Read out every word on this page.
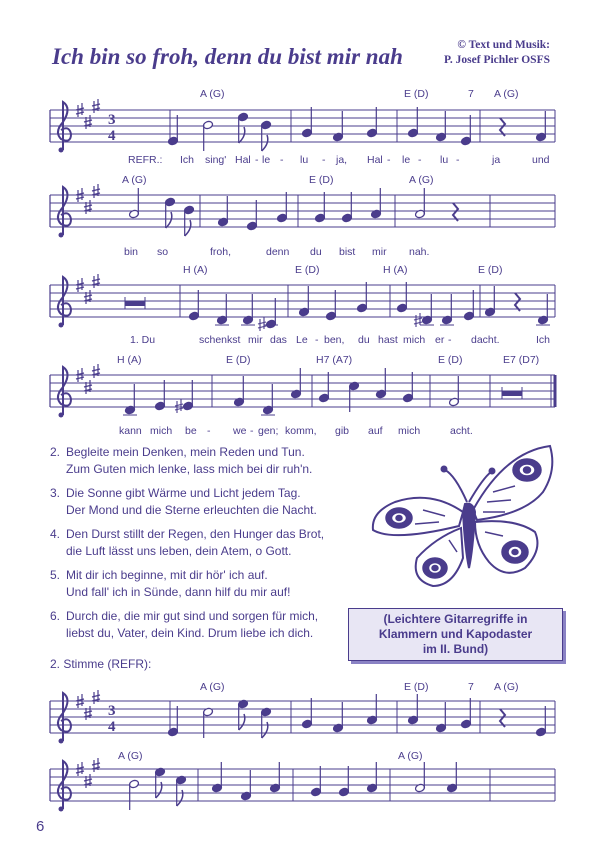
Ich bin so froh, denn du bist mir nah	© Text und Musik:
P. Josef Pichler OSFS
A (G)	E (D)	7 A (G)
3
4
REFR.: Ich sing' Hal - le - lu - ja, Hal - le - lu -	ja	und
A (G)	E (D)	A (G)
bin so	froh,	denn du bist mir nah.
H (A)	E (D)	H (A)	E (D)
1. Du	schenkst mir das Le - ben, du hast mich er - dacht.	Ich
H (A)	E (D)	H7 (A7)	E (D)	E7 (D7)
kann mich be - we - gen; komm, gib auf mich	acht.
2. Begleite mein Denken, mein Reden und Tun.
Zum Guten mich lenke, lass mich bei dir ruh'n.
3. Die Sonne gibt Wärme und Licht jedem Tag.
Der Mond und die Sterne erleuchten die Nacht.
4. Den Durst stillt der Regen, den Hunger das Brot,
die Luft lässt uns leben, dein Atem, o Gott.
5. Mit dir ich beginne, mit dir hör' ich auf.
Und fall' ich in Sünde, dann hilf du mir auf!
6. Durch die, die mir gut sind und sorgen für mich,
liebst du, Vater, dein Kind. Drum liebe ich dich.
(Leichtere Gitarregriffe in
Klammern und Kapodaster
im II. Bund)
2. Stimme (REFR):
A (G)	E (D)	7 A (G)
3
4
A (G)	A (G)
6
